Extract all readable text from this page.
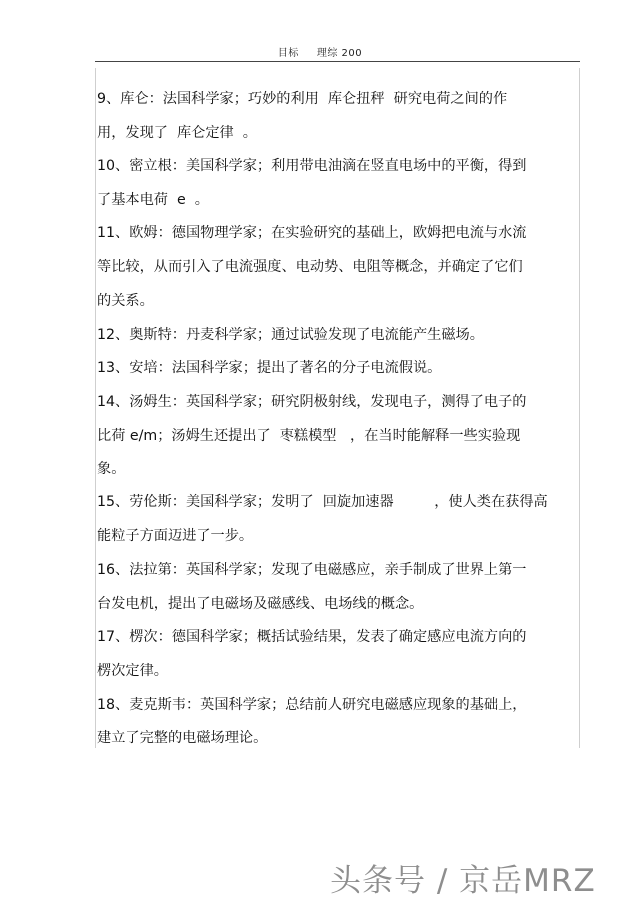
目标 理综 200
9、库仑：法国科学家；巧妙的利用  库仑扭秤  研究电荷之间的作
用，发现了  库仑定律  。
10、密立根：美国科学家；利用带电油滴在竖直电场中的平衡，得到
了基本电荷  e  。
11、欧姆：德国物理学家；在实验研究的基础上，欧姆把电流与水流
等比较，从而引入了电流强度、电动势、电阻等概念，并确定了它们
的关系。
12、奥斯特：丹麦科学家；通过试验发现了电流能产生磁场。
13、安培：法国科学家；提出了著名的分子电流假说。
14、汤姆生：英国科学家；研究阴极射线，发现电子，测得了电子的
比荷 e/m；汤姆生还提出了  枣糕模型   ，在当时能解释一些实验现
象。
15、劳伦斯：美国科学家；发明了  回旋加速器         ，使人类在获得高
能粒子方面迈进了一步。
16、法拉第：英国科学家；发现了电磁感应，亲手制成了世界上第一
台发电机，提出了电磁场及磁感线、电场线的概念。
17、楞次：德国科学家；概括试验结果，发表了确定感应电流方向的
楞次定律。
18、麦克斯韦：英国科学家；总结前人研究电磁感应现象的基础上，
建立了完整的电磁场理论。
头条号 / 京岳MRZ
